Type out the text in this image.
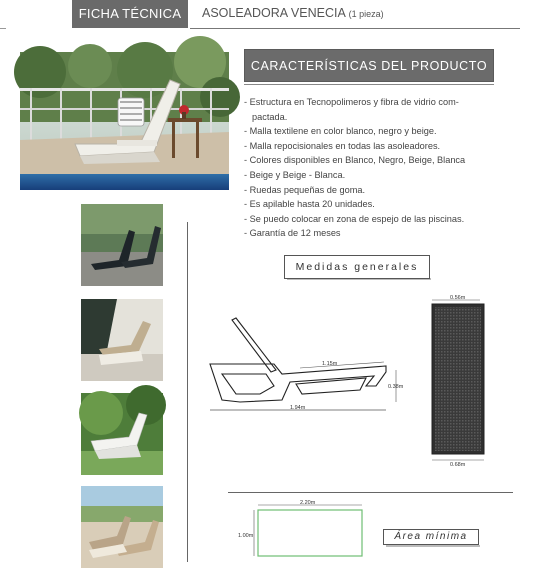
FICHA TÉCNICA	ASOLEADORA VENECIA (1 pieza)
CARACTERÍSTICAS DEL PRODUCTO
- Estructura en Tecnopolimeros y fibra de vidrio com-
pactada.
- Malla textilene en color blanco, negro y beige.
- Malla repocisionales en todas las asoleadores.
- Colores disponibles en Blanco, Negro, Beige, Blanca
- Beige y Beige - Blanca.
- Ruedas pequeñas de goma.
- Es apilable hasta 20 unidades.
- Se puedo colocar en zona de espejo de las piscinas.
- Garantía de 12 meses
Medidas generales
1.94m
1.15m
0.38m
0.56m
0.68m
2.20m
1.00m	Área mínima
